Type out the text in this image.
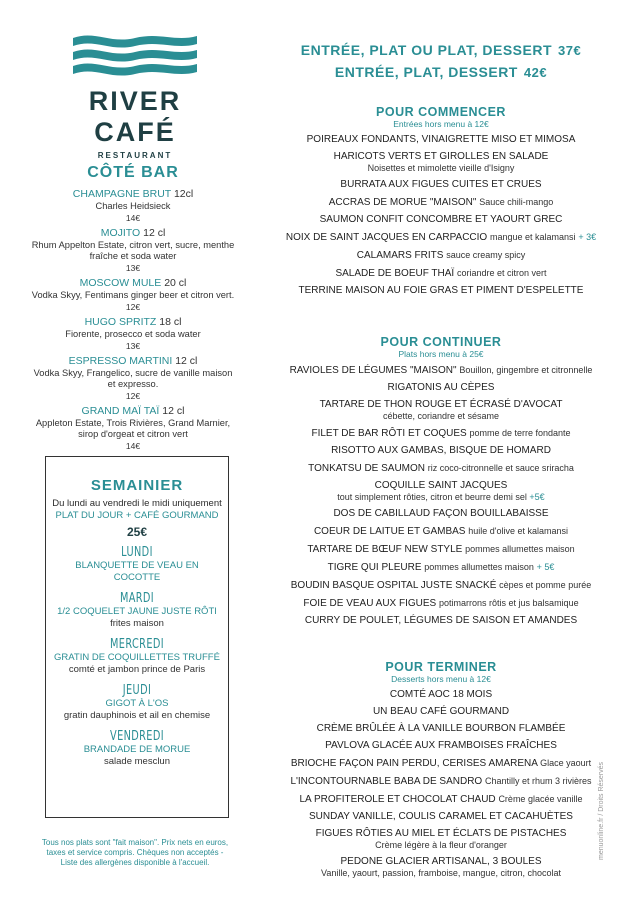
RIVER CAFÉ
RESTAURANT
CÔTÉ BAR
CHAMPAGNE BRUT 12cl
Charles Heidsieck
14€
MOJITO 12 cl
Rhum Appelton Estate, citron vert, sucre, menthe fraîche et soda water
13€
MOSCOW MULE 20 cl
Vodka Skyy, Fentimans ginger beer et citron vert.
12€
HUGO SPRITZ 18 cl
Fiorente, prosecco et soda water
13€
ESPRESSO MARTINI 12 cl
Vodka Skyy, Frangelico, sucre de vanille maison et expresso.
12€
GRAND MAÏ TAÏ 12 cl
Appleton Estate, Trois Rivières, Grand Marnier, sirop d'orgeat et citron vert
14€
SEMAINIER
Du lundi au vendredi le midi uniquement
PLAT DU JOUR + CAFÉ GOURMAND
25€
LUNDI
BLANQUETTE DE VEAU EN COCOTTE
MARDI
1/2 COQUELET JAUNE JUSTE RÔTI
frites maison
MERCREDI
GRATIN DE COQUILLETTES TRUFFÉ
comté et jambon prince de Paris
JEUDI
GIGOT À L'OS
gratin dauphinois et ail en chemise
VENDREDI
BRANDADE DE MORUE
salade mesclun
Tous nos plats sont "fait maison". Prix nets en euros, taxes et service compris. Chèques non acceptés - Liste des allergènes disponible à l'accueil.
ENTRÉE, PLAT OU PLAT, DESSERT 37€
ENTRÉE, PLAT, DESSERT 42€
POUR COMMENCER
Entrées hors menu à 12€
POIREAUX FONDANTS, VINAIGRETTE MISO ET MIMOSA
HARICOTS VERTS ET GIROLLES EN SALADE
Noisettes et mimolette vieille d'Isigny
BURRATA AUX FIGUES CUITES ET CRUES
ACCRAS DE MORUE "MAISON" Sauce chili-mango
SAUMON CONFIT CONCOMBRE ET YAOURT GREC
NOIX DE SAINT JACQUES EN CARPACCIO mangue et kalamansi + 3€
CALAMARS FRITS sauce creamy spicy
SALADE DE BOEUF THAÏ coriandre et citron vert
TERRINE MAISON AU FOIE GRAS ET PIMENT D'ESPELETTE
POUR CONTINUER
Plats hors menu à 25€
RAVIOLES DE LÉGUMES "MAISON" Bouillon, gingembre et citronnelle
RIGATONIS AU CÈPES
TARTARE DE THON ROUGE ET ÉCRASÉ D'AVOCAT
cébette, coriandre et sésame
FILET DE BAR RÔTI ET COQUES pomme de terre fondante
RISOTTO AUX GAMBAS, BISQUE DE HOMARD
TONKATSU DE SAUMON riz coco-citronnelle et sauce sriracha
COQUILLE SAINT JACQUES
tout simplement rôties, citron et beurre demi sel +5€
DOS DE CABILLAUD FAÇON BOUILLABAISSE
COEUR DE LAITUE ET GAMBAS huile d'olive et kalamansi
TARTARE DE BŒUF NEW STYLE pommes allumettes maison
TIGRE QUI PLEURE pommes allumettes maison + 5€
BOUDIN BASQUE OSPITAL JUSTE SNACKÉ cèpes et pomme purée
FOIE DE VEAU AUX FIGUES potimarrons rôtis et jus balsamique
CURRY DE POULET, LÉGUMES DE SAISON ET AMANDES
POUR TERMINER
Desserts hors menu à 12€
COMTÉ AOC 18 MOIS
UN BEAU CAFÉ GOURMAND
CRÈME BRÛLÉE À LA VANILLE BOURBON FLAMBÉE
PAVLOVA GLACÉE AUX FRAMBOISES FRAÎCHES
BRIOCHE FAÇON PAIN PERDU, CERISES AMARENA Glace yaourt
L'INCONTOURNABLE BABA DE SANDRO Chantilly et rhum 3 rivières
LA PROFITEROLE ET CHOCOLAT CHAUD Crème glacée vanille
SUNDAY VANILLE, COULIS CARAMEL ET CACAHUÈTES
FIGUES RÔTIES AU MIEL ET ÉCLATS DE PISTACHES
Crème légère à la fleur d'oranger
PEDONE GLACIER ARTISANAL, 3 BOULES
Vanille, yaourt, passion, framboise, mangue, citron, chocolat
menuonline.fr / Droits Réservés
